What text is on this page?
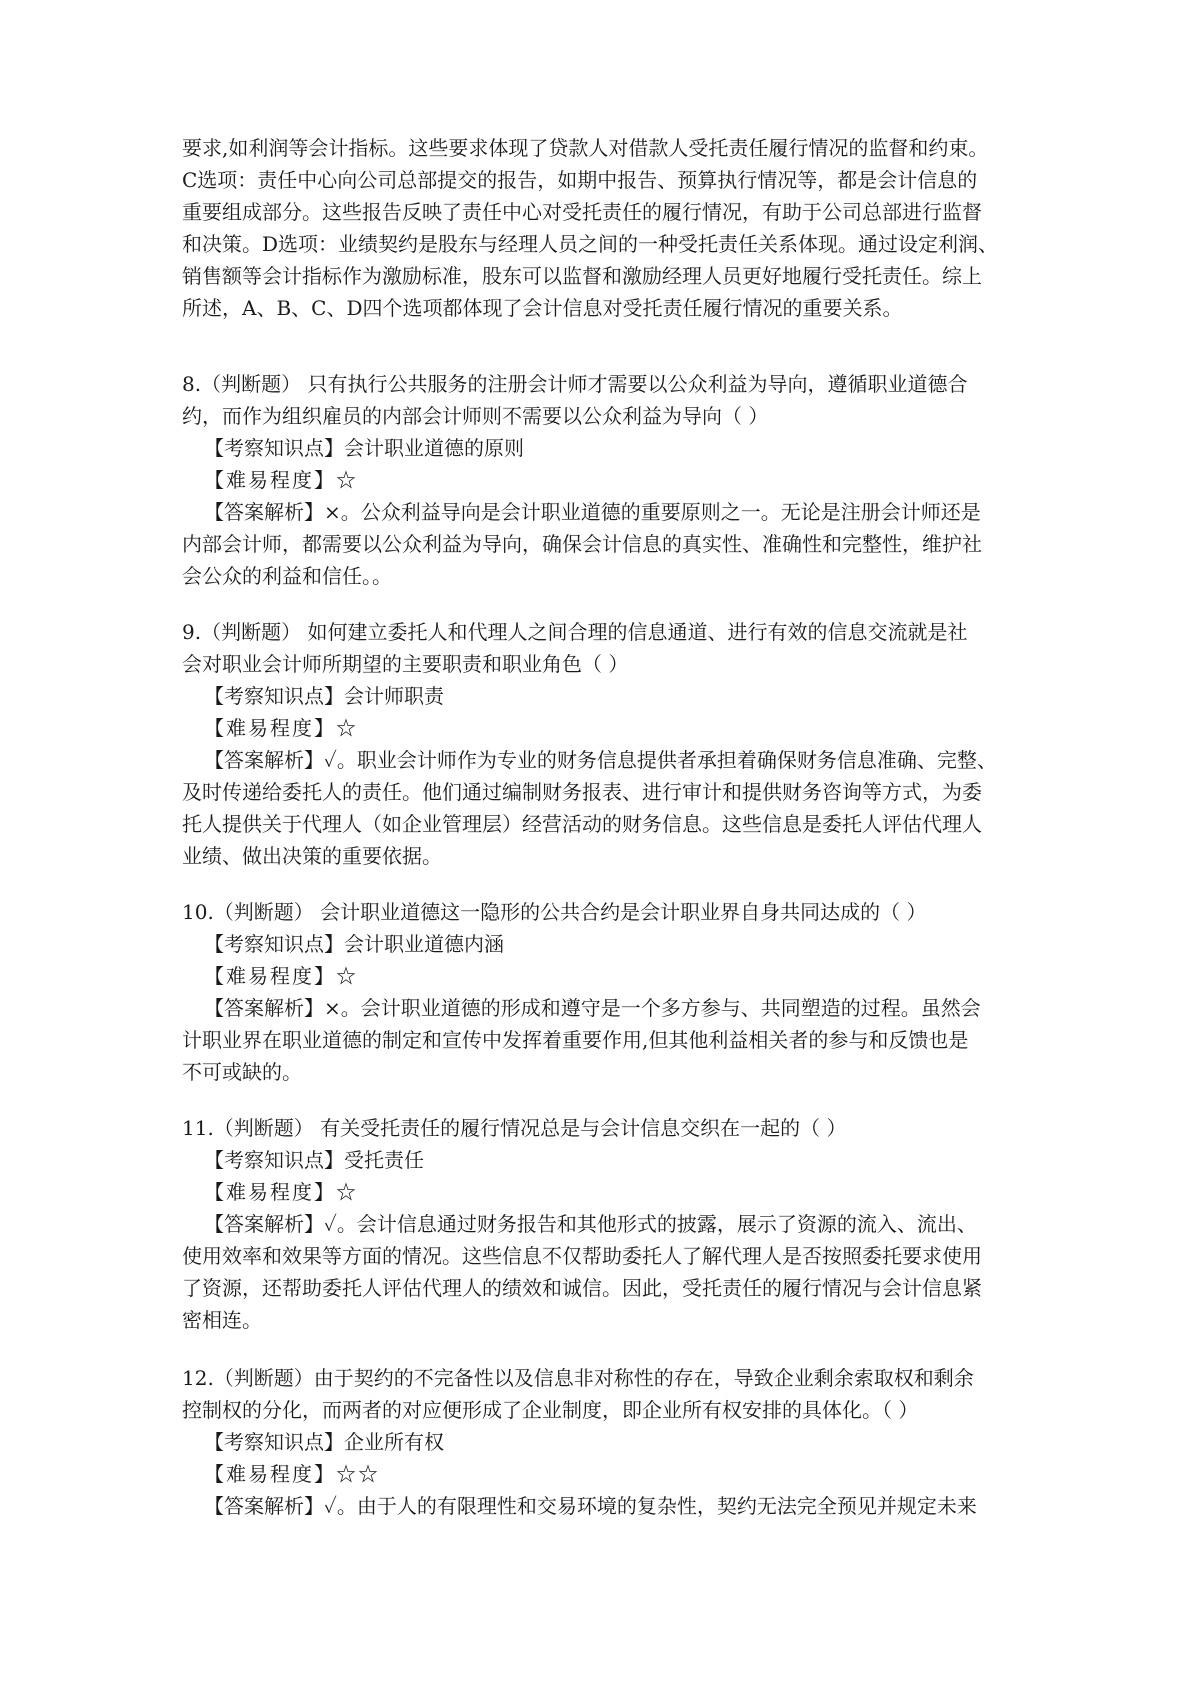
要求,如利润等会计指标。这些要求体现了贷款人对借款人受托责任履行情况的监督和约束。
C选项：责任中心向公司总部提交的报告，如期中报告、预算执行情况等，都是会计信息的
重要组成部分。这些报告反映了责任中心对受托责任的履行情况，有助于公司总部进行监督
和决策。D选项：业绩契约是股东与经理人员之间的一种受托责任关系体现。通过设定利润、
销售额等会计指标作为激励标准，股东可以监督和激励经理人员更好地履行受托责任。综上
所述，A、B、C、D四个选项都体现了会计信息对受托责任履行情况的重要关系。
8.（判断题） 只有执行公共服务的注册会计师才需要以公众利益为导向，遵循职业道德合
约，而作为组织雇员的内部会计师则不需要以公众利益为导向（ ）
【考察知识点】会计职业道德的原则
【难易程度】☆
【答案解析】×。公众利益导向是会计职业道德的重要原则之一。无论是注册会计师还是
内部会计师，都需要以公众利益为导向，确保会计信息的真实性、准确性和完整性，维护社
会公众的利益和信任。。
9.（判断题） 如何建立委托人和代理人之间合理的信息通道、进行有效的信息交流就是社
会对职业会计师所期望的主要职责和职业角色（ ）
【考察知识点】会计师职责
【难易程度】☆
【答案解析】✓。职业会计师作为专业的财务信息提供者承担着确保财务信息准确、完整、
及时传递给委托人的责任。他们通过编制财务报表、进行审计和提供财务咨询等方式，为委
托人提供关于代理人（如企业管理层）经营活动的财务信息。这些信息是委托人评估代理人
业绩、做出决策的重要依据。
10.（判断题） 会计职业道德这一隐形的公共合约是会计职业界自身共同达成的（ ）
【考察知识点】会计职业道德内涵
【难易程度】☆
【答案解析】×。会计职业道德的形成和遵守是一个多方参与、共同塑造的过程。虽然会
计职业界在职业道德的制定和宣传中发挥着重要作用,但其他利益相关者的参与和反馈也是
不可或缺的。
11.（判断题） 有关受托责任的履行情况总是与会计信息交织在一起的（ ）
【考察知识点】受托责任
【难易程度】☆
【答案解析】✓。会计信息通过财务报告和其他形式的披露，展示了资源的流入、流出、
使用效率和效果等方面的情况。这些信息不仅帮助委托人了解代理人是否按照委托要求使用
了资源，还帮助委托人评估代理人的绩效和诚信。因此，受托责任的履行情况与会计信息紧
密相连。
12.（判断题）由于契约的不完备性以及信息非对称性的存在，导致企业剩余索取权和剩余
控制权的分化，而两者的对应便形成了企业制度，即企业所有权安排的具体化。（ ）
【考察知识点】企业所有权
【难易程度】☆☆
【答案解析】✓。由于人的有限理性和交易环境的复杂性，契约无法完全预见并规定未来
